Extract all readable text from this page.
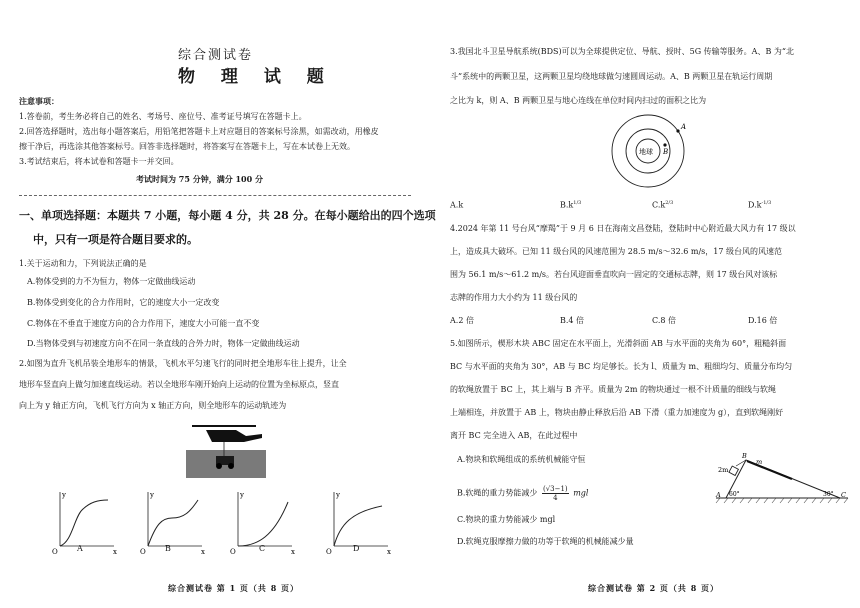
综合测试卷
物 理 试 题
注意事项：
1.答卷前，考生务必将自己的姓名、考场号、座位号、准考证号填写在答题卡上。
2.回答选择题时，选出每小题答案后，用铅笔把答题卡上对应题目的答案标号涂黑，如需改动，用橡皮
擦干净后，再选涂其他答案标号。回答非选择题时，将答案写在答题卡上，写在本试卷上无效。
3.考试结束后，将本试卷和答题卡一并交回。
考试时间为 75 分钟，满分 100 分
一、单项选择题：本题共 7 小题，每小题 4 分，共 28 分。在每小题给出的四个选项
中，只有一项是符合题目要求的。
1.关于运动和力，下列说法正确的是
A.物体受到的力不为恒力，物体一定做曲线运动
B.物体受到变化的合力作用时，它的速度大小一定改变
C.物体在不垂直于速度方向的合力作用下，速度大小可能一直不变
D.当物体受到与初速度方向不在同一条直线的合外力时，物体一定做曲线运动
2.如图为直升飞机吊装全地形车的情景，飞机水平匀速飞行的同时把全地形车往上提升，让全
地形车竖直向上做匀加速直线运动。若以全地形车刚开始向上运动的位置为坐标原点，竖直
向上为 y 轴正方向，飞机飞行方向为 x 轴正方向，则全地形车的运动轨迹为
y
x
O
y
x
O
y
x
O
y
x
O
A	B	C	D
综合测试卷 第 1 页（共 8 页）
3.我国北斗卫星导航系统(BDS)可以为全球提供定位、导航、授时、5G 传输等服务。A、B 为“北
斗”系统中的两颗卫星，这两颗卫星均绕地球做匀速圆周运动。A、B 两颗卫星在轨运行周期
之比为 k，则 A、B 两颗卫星与地心连线在单位时间内扫过的面积之比为
地球
A
B
A.k	$B.k^{1/3}$	$C.k^{2/3}$	$D.k^{-1/3}$
4.2024 年第 11 号台风“摩羯”于 9 月 6 日在海南文昌登陆，登陆时中心附近最大风力有 17 级以
上，造成具大破坏。已知 11 级台风的风速范围为 28.5 m/s～32.6 m/s，17 级台风的风速范
围为 56.1 m/s～61.2 m/s。若台风迎面垂直吹向一固定的交通标志牌，则 17 级台风对该标
志牌的作用力大小约为 11 级台风的
A.2 倍	B.4 倍	C.8 倍	D.16 倍
5.如图所示，楔形木块 ABC 固定在水平面上，光滑斜面 AB 与水平面的夹角为 60°，粗糙斜面
BC 与水平面的夹角为 30°，AB 与 BC 均足够长。长为 l、质量为 m、粗细均匀、质量分布均匀
的软绳放置于 BC 上，其上端与 B 齐平。质量为 2m 的物块通过一根不计质量的细线与软绳
上端相连，并放置于 AB 上，物块由静止释放后沿 AB 下滑（重力加速度为 g），直到软绳刚好
离开 BC 完全进入 AB，在此过程中
A.物块和软绳组成的系统机械能守恒
B.软绳的重力势能减少 $\frac{(√3-1)}{4}$ mgl
C.物块的重力势能减少 mgl
D.软绳克服摩擦力做的功等于软绳的机械能减少量
2m
m
B
A	C
60°	30°
综合测试卷 第 2 页（共 8 页）
